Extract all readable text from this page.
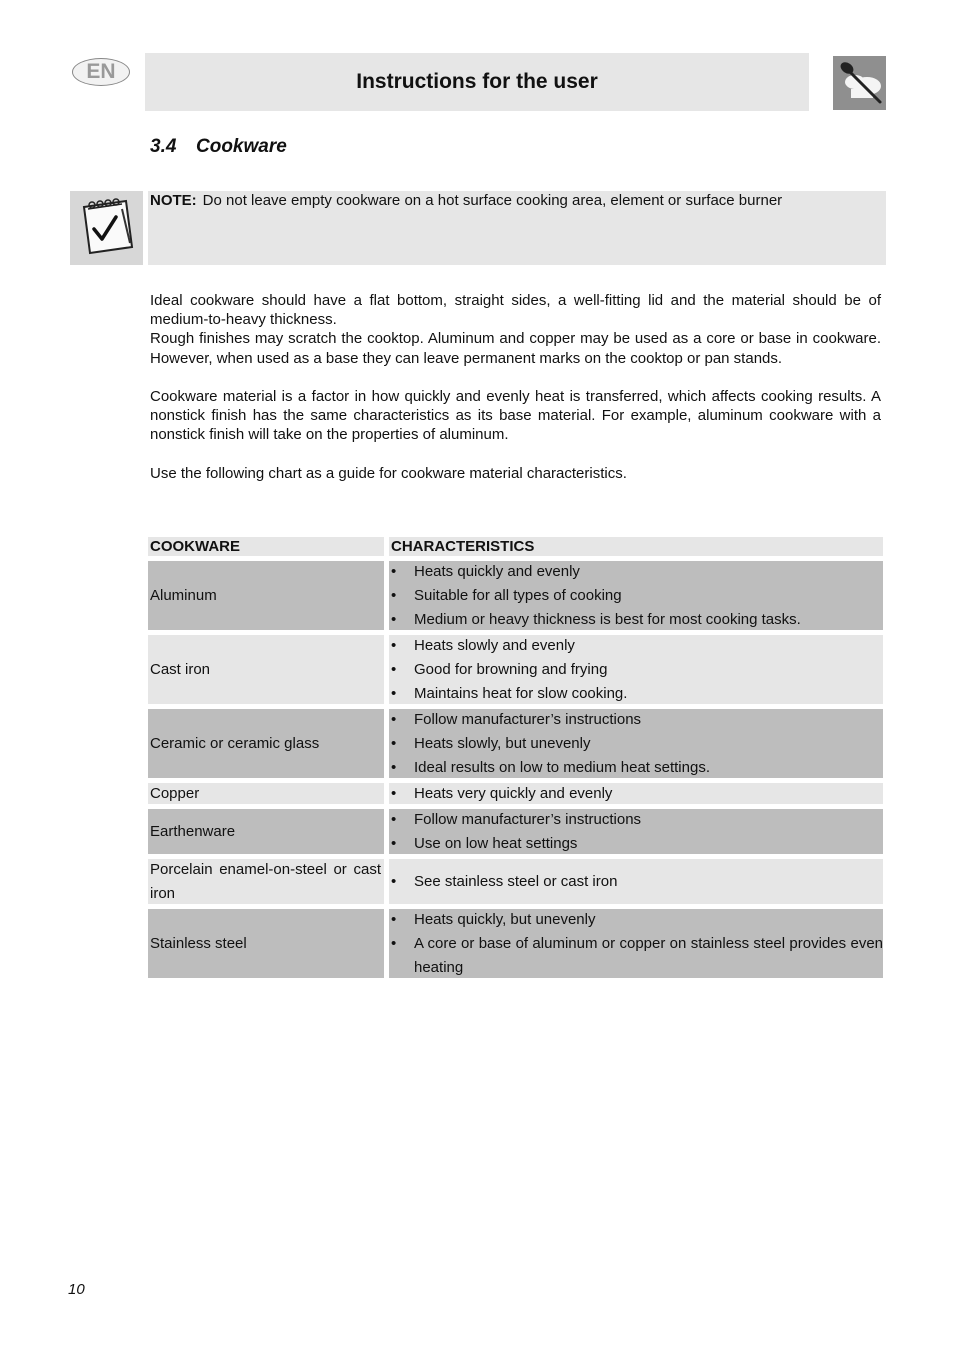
EN	Instructions for the user
3.4 Cookware
NOTE: Do not leave empty cookware on a hot surface cooking area, element or surface burner

Ideal cookware should have a flat bottom, straight sides, a well-fitting lid and the material should be of medium-to-heavy thickness.

Rough finishes may scratch the cooktop. Aluminum and copper may be used as a core or base in cookware. However, when used as a base they can leave permanent marks on the cooktop or pan stands.

Cookware material is a factor in how quickly and evenly heat is transferred, which affects cooking results. A nonstick finish has the same characteristics as its base material. For example, aluminum cookware with a nonstick finish will take on the properties of aluminum.

Use the following chart as a guide for cookware material characteristics.

COOKWARE	CHARACTERISTICS
Aluminum
•	Heats quickly and evenly
•	Suitable for all types of cooking
•	Medium or heavy thickness is best for most cooking tasks.
Cast iron
•	Heats slowly and evenly
•	Good for browning and frying
•	Maintains heat for slow cooking.
Ceramic or ceramic glass
•	Follow manufacturer’s instructions
•	Heats slowly, but unevenly
•	Ideal results on low to medium heat settings.
Copper	•	Heats very quickly and evenly
Earthenware
•	Follow manufacturer’s instructions
•	Use on low heat settings
Porcelain enamel-on-steel or cast iron
•	See stainless steel or cast iron
Stainless steel
•	Heats quickly, but unevenly
•	A core or base of aluminum or copper on stainless steel provides even heating
10
